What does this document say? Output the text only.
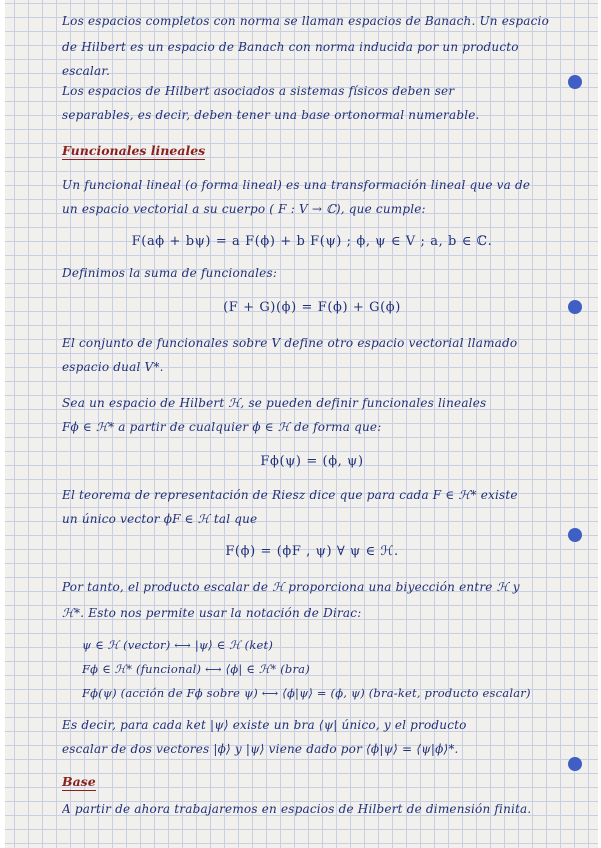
Los espacios completos con norma se llaman espacios de Banach. Un espacio
de Hilbert es un espacio de Banach con norma inducida por un producto
escalar.
Los espacios de Hilbert asociados a sistemas físicos deben ser
separables, es decir, deben tener una base ortonormal numerable.
Funcionales lineales
Un funcional lineal (o forma lineal) es una transformación lineal que va de
un espacio vectorial a su cuerpo ( F : V → ℂ), que cumple:
F(aϕ + bψ) = a F(ϕ) + b F(ψ) ; ϕ, ψ ∈ V ; a, b ∈ ℂ.
Definimos la suma de funcionales:
(F + G)(ϕ) = F(ϕ) + G(ϕ)
El conjunto de funcionales sobre V define otro espacio vectorial llamado
espacio dual V*.
Sea un espacio de Hilbert ℋ, se pueden definir funcionales lineales
Fϕ ∈ ℋ* a partir de cualquier ϕ ∈ ℋ de forma que:
Fϕ(ψ) = (ϕ, ψ)
El teorema de representación de Riesz dice que para cada F ∈ ℋ* existe
un único vector ϕF ∈ ℋ tal que
F(ϕ) = (ϕF , ψ) ∀ ψ ∈ ℋ.
Por tanto, el producto escalar de ℋ proporciona una biyección entre ℋ y
ℋ*. Esto nos permite usar la notación de Dirac:
ψ ∈ ℋ (vector) ⟷ |ψ⟩ ∈ ℋ (ket)
Fϕ ∈ ℋ* (funcional) ⟷ ⟨ϕ| ∈ ℋ* (bra)
Fϕ(ψ) (acción de Fϕ sobre ψ) ⟷ ⟨ϕ|ψ⟩ = (ϕ, ψ) (bra-ket, producto escalar)
Es decir, para cada ket |ψ⟩ existe un bra ⟨ψ| único, y el producto
escalar de dos vectores |ϕ⟩ y |ψ⟩ viene dado por ⟨ϕ|ψ⟩ = ⟨ψ|ϕ⟩*.
Base
A partir de ahora trabajaremos en espacios de Hilbert de dimensión finita.
